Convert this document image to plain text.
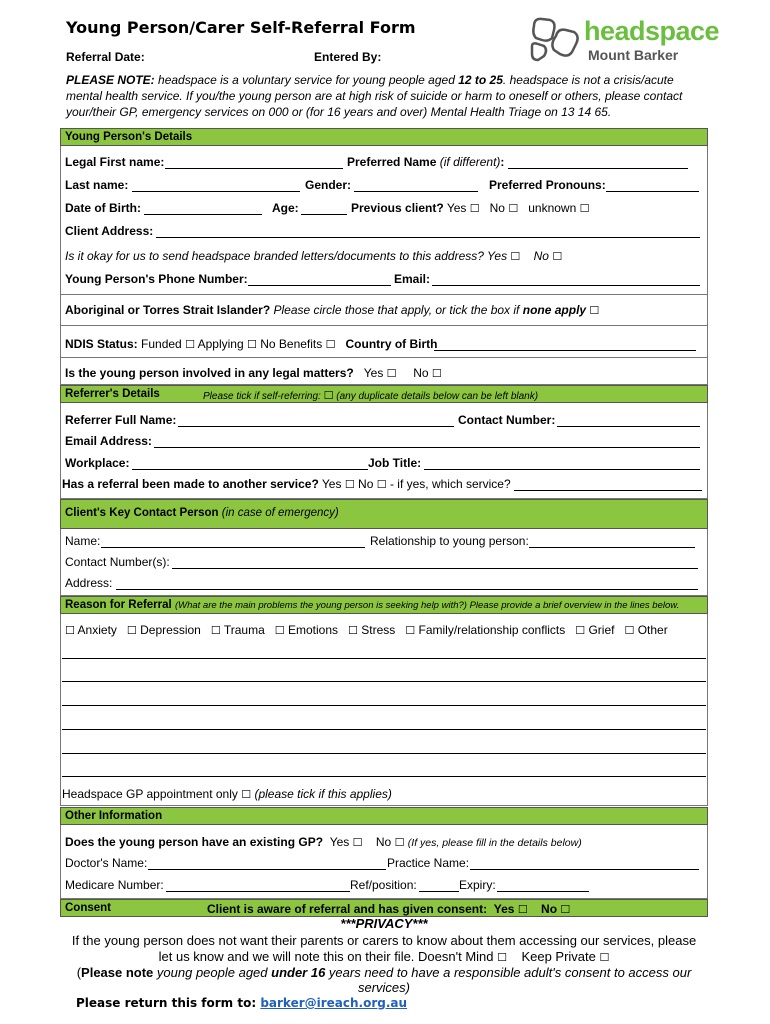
Young Person/Carer Self-Referral Form
Referral Date:	Entered By:
headspace
Mount Barker
PLEASE NOTE: headspace is a voluntary service for young people aged 12 to 25. headspace is not a crisis/acute mental health service. If you/the young person are at high risk of suicide or harm to oneself or others, please contact your/their GP, emergency services on 000 or (for 16 years and over) Mental Health Triage on 13 14 65.
Young Person's Details
Legal First name:	Preferred Name (if different):
Last name:	Gender:	Preferred Pronouns:
Date of Birth:	Age:	Previous client? Yes ☐ No ☐ unknown ☐
Client Address:
Is it okay for us to send headspace branded letters/documents to this address? Yes ☐ No ☐
Young Person's Phone Number:	Email:
Aboriginal or Torres Strait Islander? Please circle those that apply, or tick the box if none apply ☐
NDIS Status: Funded ☐ Applying ☐ No Benefits ☐ Country of Birth
Is the young person involved in any legal matters? Yes ☐ No ☐
Referrer's Details	Please tick if self-referring: ☐ (any duplicate details below can be left blank)
Referrer Full Name:	Contact Number:
Email Address:
Workplace:	Job Title:
Has a referral been made to another service? Yes ☐ No ☐ - if yes, which service?
Client's Key Contact Person (in case of emergency)
Name:	Relationship to young person:
Contact Number(s):
Address:
Reason for Referral (What are the main problems the young person is seeking help with?) Please provide a brief overview in the lines below.
☐ Anxiety ☐ Depression ☐ Trauma ☐ Emotions ☐ Stress ☐ Family/relationship conflicts ☐ Grief ☐ Other
Headspace GP appointment only ☐ (please tick if this applies)
Other Information
Does the young person have an existing GP? Yes ☐ No ☐ (If yes, please fill in the details below)
Doctor's Name:	Practice Name:
Medicare Number:	Ref/position:	Expiry:
Consent	Client is aware of referral and has given consent: Yes ☐ No ☐
***PRIVACY***
If the young person does not want their parents or carers to know about them accessing our services, please
let us know and we will note this on their file. Doesn't Mind ☐ Keep Private ☐
(Please note young people aged under 16 years need to have a responsible adult's consent to access our
services)
Please return this form to: barker@ireach.org.au
